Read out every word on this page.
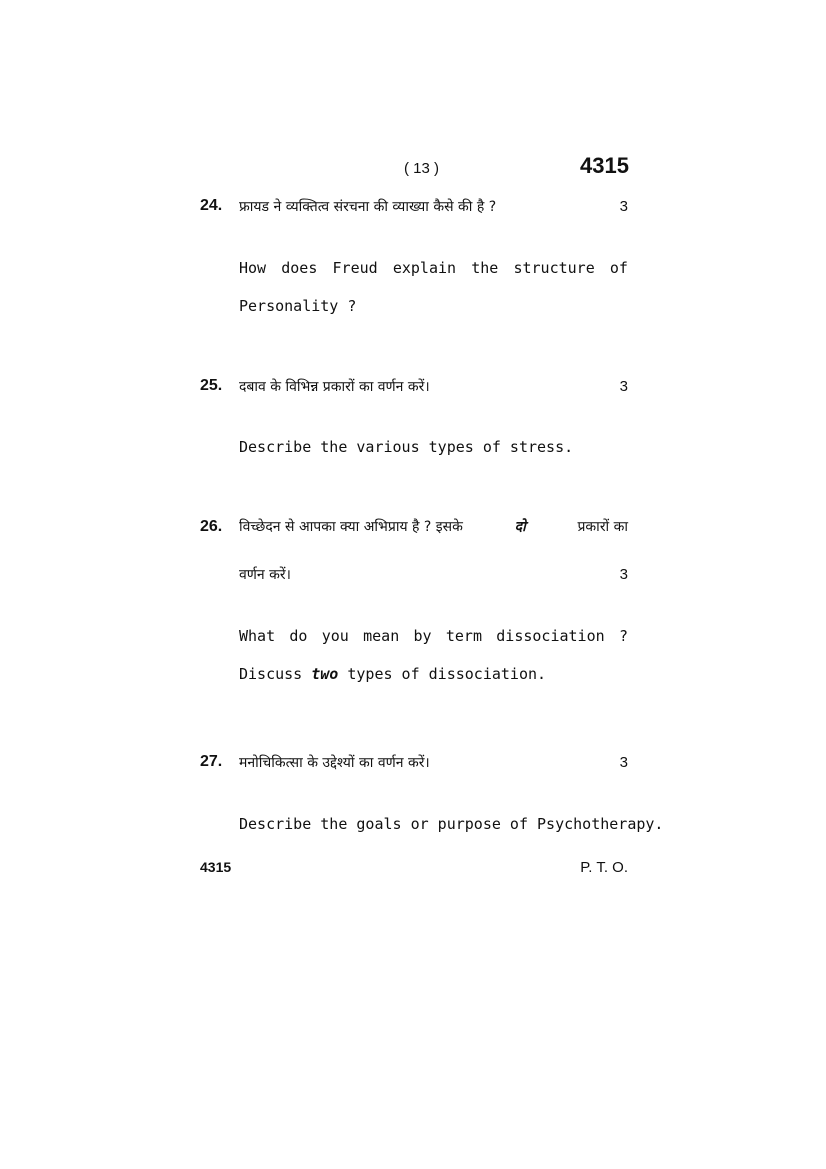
( 13 )	4315
24. फ्रायड ने व्यक्तित्व संरचना की व्याख्या कैसे की है ?	3
How does Freud explain the structure of
Personality ?
25. दबाव के विभिन्न प्रकारों का वर्णन करें।	3
Describe the various types of stress.
26. विच्छेदन से आपका क्या अभिप्राय है ? इसके	दो	प्रकारों का
वर्णन करें।	3
What do you mean by term dissociation ?
Discuss two types of dissociation.
27. मनोचिकित्सा के उद्देश्यों का वर्णन करें।	3
Describe the goals or purpose of Psychotherapy.
4315	P. T. O.
